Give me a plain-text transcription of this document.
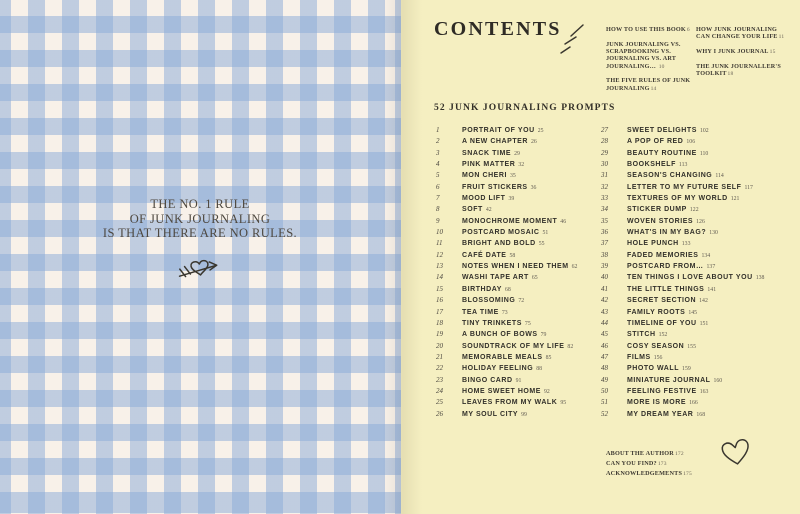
THE NO. 1 RULE
OF JUNK JOURNALING
IS THAT THERE ARE NO RULES.
CONTENTS	HOW TO USE THIS BOOK6
JUNK JOURNALING VS. SCRAPBOOKING VS. JOURNALING VS. ART JOURNALING… 10
THE FIVE RULES OF JUNK JOURNALING14
HOW JUNK JOURNALING CAN CHANGE YOUR LIFE11
WHY I JUNK JOURNAL15
THE JUNK JOURNALLER'S TOOLKIT18
52 JUNK JOURNALING PROMPTS
1	PORTRAIT OF YOU 25
2	A NEW CHAPTER 26
3	SNACK TIME 29
4	PINK MATTER 32
5	MON CHERI 35
6	FRUIT STICKERS 36
7	MOOD LIFT 39
8	SOFT 42
9	MONOCHROME MOMENT 46
10	POSTCARD MOSAIC 51
11	BRIGHT AND BOLD 55
12	CAFÉ DATE 58
13	NOTES WHEN I NEED THEM 62
14	WASHI TAPE ART 65
15	BIRTHDAY 68
16	BLOSSOMING 72
17	TEA TIME 73
18	TINY TRINKETS 75
19	A BUNCH OF BOWS 79
20	SOUNDTRACK OF MY LIFE 82
21	MEMORABLE MEALS 85
22	HOLIDAY FEELING 88
23	BINGO CARD 91
24	HOME SWEET HOME 92
25	LEAVES FROM MY WALK 95
26	MY SOUL CITY 99
27	SWEET DELIGHTS 102
28	A POP OF RED 106
29	BEAUTY ROUTINE 110
30	BOOKSHELF 113
31	SEASON'S CHANGING 114
32	LETTER TO MY FUTURE SELF 117
33	TEXTURES OF MY WORLD 121
34	STICKER DUMP 122
35	WOVEN STORIES 126
36	WHAT'S IN MY BAG? 130
37	HOLE PUNCH 133
38	FADED MEMORIES 134
39	POSTCARD FROM… 137
40	TEN THINGS I LOVE ABOUT YOU 138
41	THE LITTLE THINGS 141
42	SECRET SECTION 142
43	FAMILY ROOTS 145
44	TIMELINE OF YOU 151
45	STITCH 152
46	COSY SEASON 155
47	FILMS 156
48	PHOTO WALL 159
49	MINIATURE JOURNAL 160
50	FEELING FESTIVE 163
51	MORE IS MORE 166
52	MY DREAM YEAR 168
ABOUT THE AUTHOR172
CAN YOU FIND?173
ACKNOWLEDGEMENTS175
